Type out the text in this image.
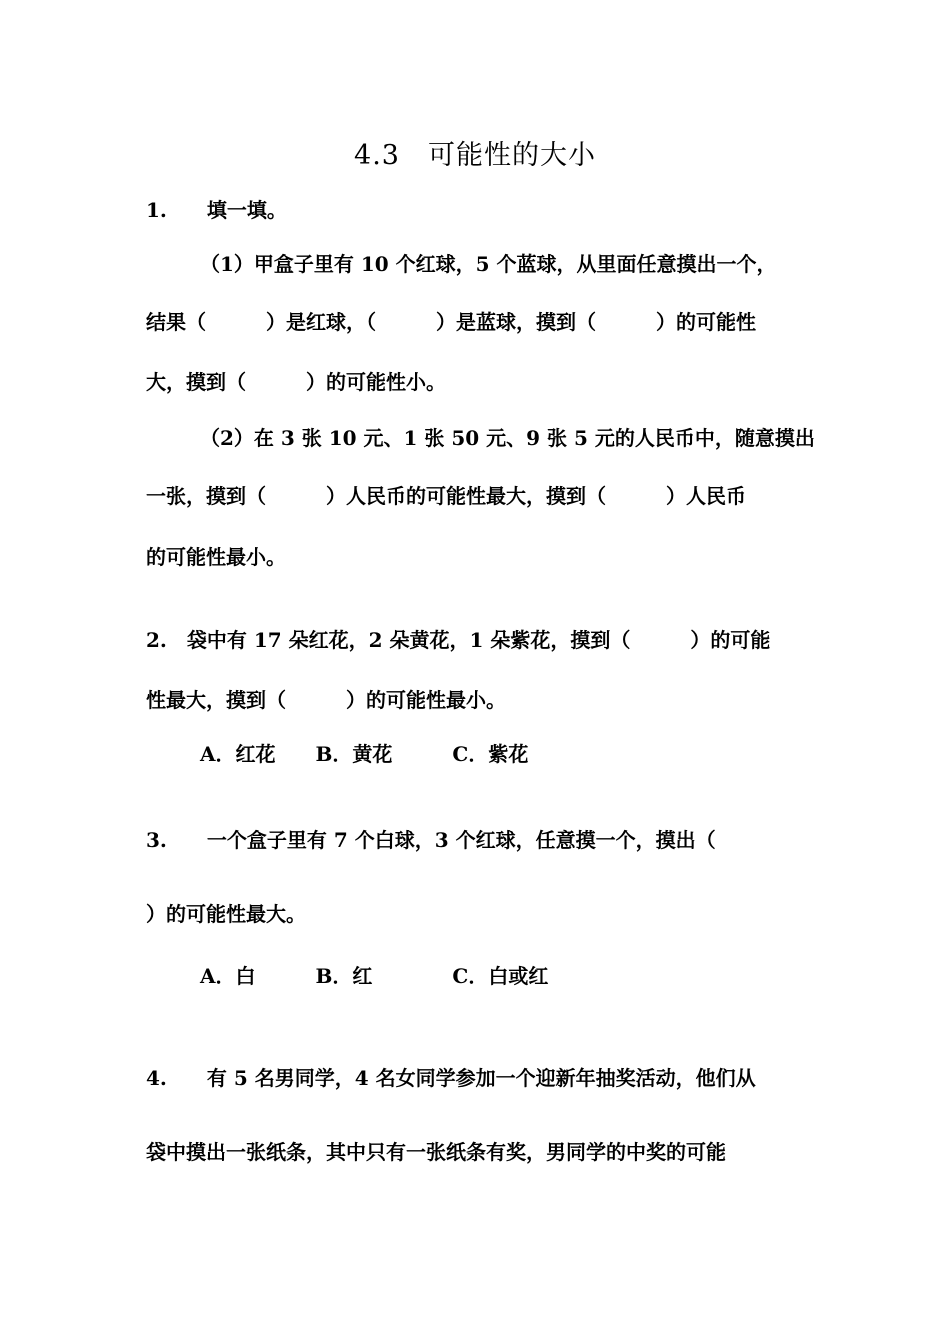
4.3　可能性的大小
1.　　填一填。
（1）甲盒子里有 10 个红球，5 个蓝球，从里面任意摸出一个，
结果（　　　）是红球，（　　　）是蓝球，摸到（　　　）的可能性
大，摸到（　　　）的可能性小。
（2）在 3 张 10 元、1 张 50 元、9 张 5 元的人民币中，随意摸出
一张，摸到（　　　）人民币的可能性最大，摸到（　　　）人民币
的可能性最小。
2.　袋中有 17 朵红花，2 朵黄花，1 朵紫花，摸到（　　　）的可能
性最大，摸到（　　　）的可能性最小。
A．红花　　B．黄花　　　C．紫花
3.　　一个盒子里有 7 个白球，3 个红球，任意摸一个，摸出（
）的可能性最大。
A．白　　　B．红　　　　C．白或红
4.　　有 5 名男同学，4 名女同学参加一个迎新年抽奖活动，他们从
袋中摸出一张纸条，其中只有一张纸条有奖，男同学的中奖的可能
